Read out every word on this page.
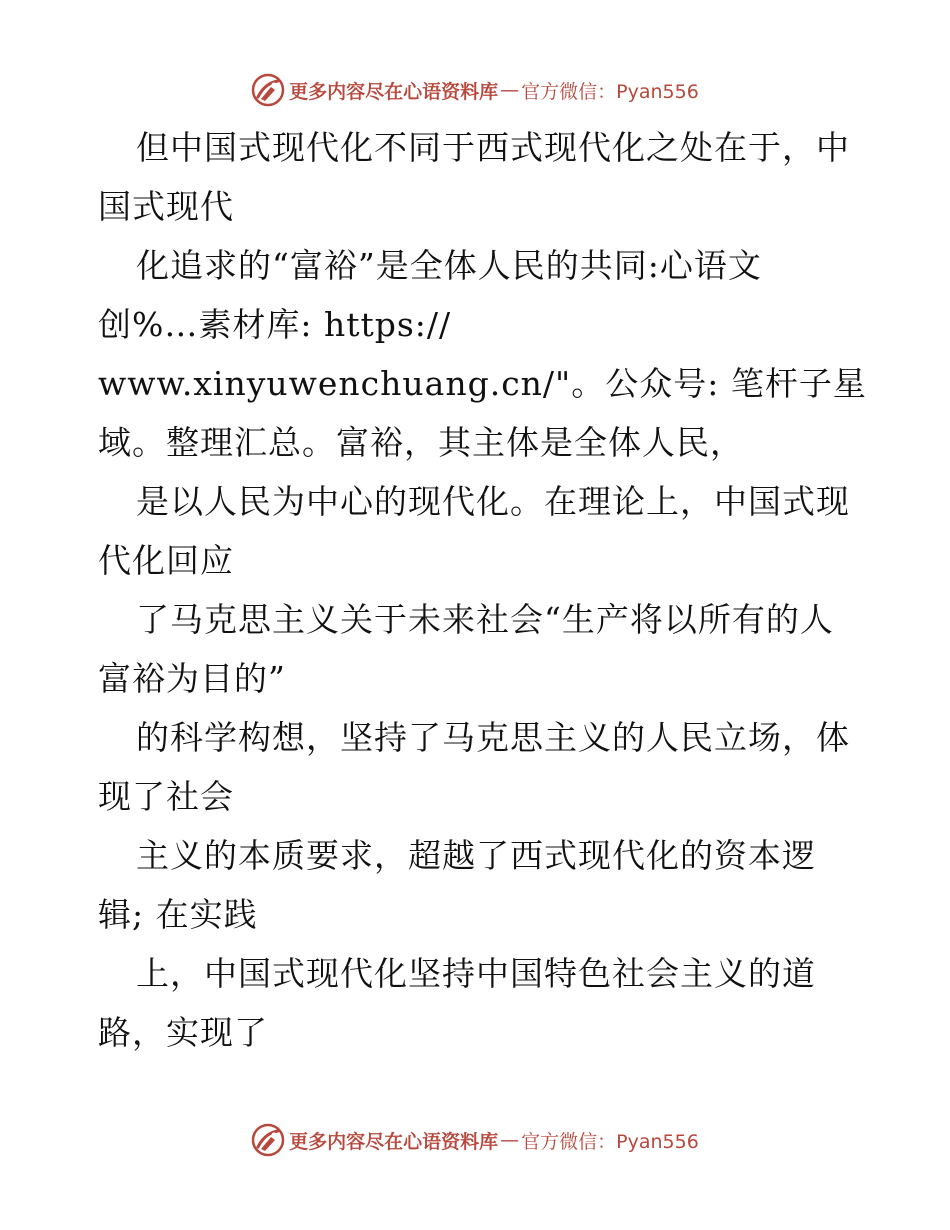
更多内容尽在心语资料库 — 官方微信：Pyan556
但中国式现代化不同于西式现代化之处在于，中
国式现代
化追求的“富裕”是全体人民的共同:心语文
创%…素材库: https://
www.xinyuwenchuang.cn/"。公众号: 笔杆子星
域。整理汇总。富裕，其主体是全体人民，
是以人民为中心的现代化。在理论上，中国式现
代化回应
了马克思主义关于未来社会“生产将以所有的人
富裕为目的”
的科学构想，坚持了马克思主义的人民立场，体
现了社会
主义的本质要求，超越了西式现代化的资本逻
辑; 在实践
上，中国式现代化坚持中国特色社会主义的道
路，实现了
更多内容尽在心语资料库 — 官方微信：Pyan556
